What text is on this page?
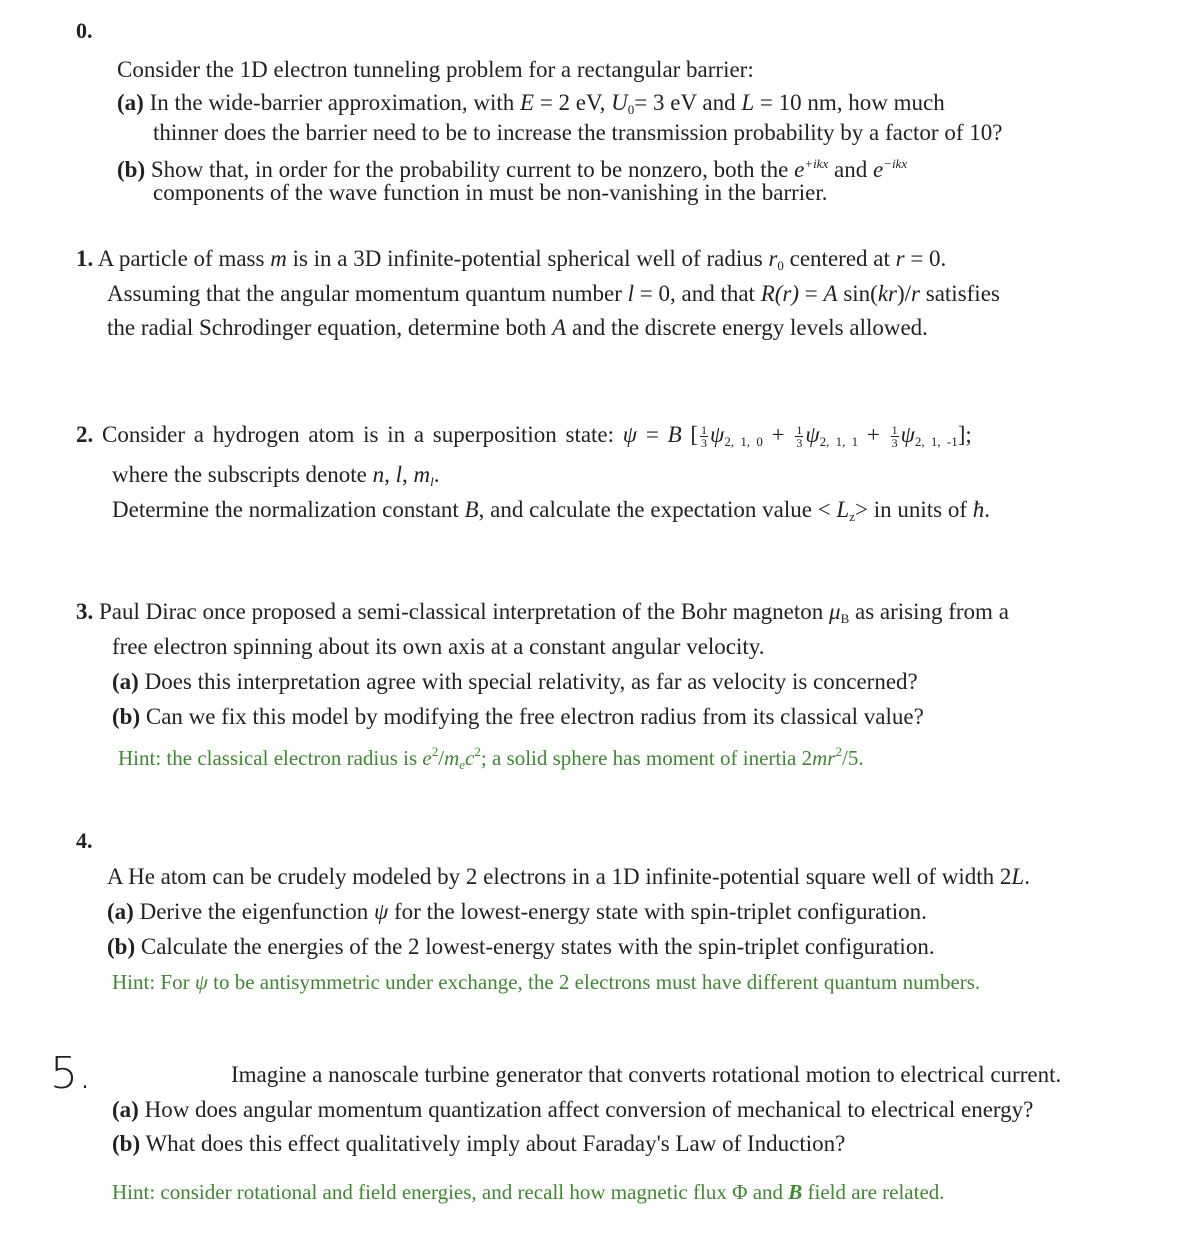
0.
Consider the 1D electron tunneling problem for a rectangular barrier:
(a) In the wide-barrier approximation, with E = 2 eV, $U_0= 3$ eV and L = 10 nm, how much
thinner does the barrier need to be to increase the transmission probability by a factor of 10?
(b) Show that, in order for the probability current to be nonzero, both the $e^{+ikx}$ and $e^{-ikx}$
components of the wave function in must be non-vanishing in the barrier.
1. A particle of mass m is in a 3D infinite-potential spherical well of radius $r_0$ centered at r = 0.
Assuming that the angular momentum quantum number l = 0, and that R(r) = A sin(kr)/r satisfies
the radial Schrodinger equation, determine both A and the discrete energy levels allowed.
2. Consider a hydrogen atom is in a superposition state: ψ = B [ $\frac{1}{3} \psi_{2, 1, 0} + \frac{1}{3} \psi_{2, 1, 1} + \frac{1}{3} \psi_{2, 1, -1}$];
where the subscripts denote n, l, $m_l$.
Determine the normalization constant B, and calculate the expectation value < $L_z>$ in units of ħ.
3. Paul Dirac once proposed a semi-classical interpretation of the Bohr magneton $\mu_B$ as arising from a
free electron spinning about its own axis at a constant angular velocity.
(a) Does this interpretation agree with special relativity, as far as velocity is concerned?
(b) Can we fix this model by modifying the free electron radius from its classical value?
Hint: the classical electron radius is $e^2/m_ec^2$; a solid sphere has moment of inertia $2mr^2/5$.
4.
A He atom can be crudely modeled by 2 electrons in a 1D infinite-potential square well of width 2L.
(a) Derive the eigenfunction ψ for the lowest-energy state with spin-triplet configuration.
(b) Calculate the energies of the 2 lowest-energy states with the spin-triplet configuration.
Hint: For ψ to be antisymmetric under exchange, the 2 electrons must have different quantum numbers.
5.	Imagine a nanoscale turbine generator that converts rotational motion to electrical current.
(a) How does angular momentum quantization affect conversion of mechanical to electrical energy?
(b) What does this effect qualitatively imply about Faraday's Law of Induction?
Hint: consider rotational and field energies, and recall how magnetic flux Φ and B field are related.
